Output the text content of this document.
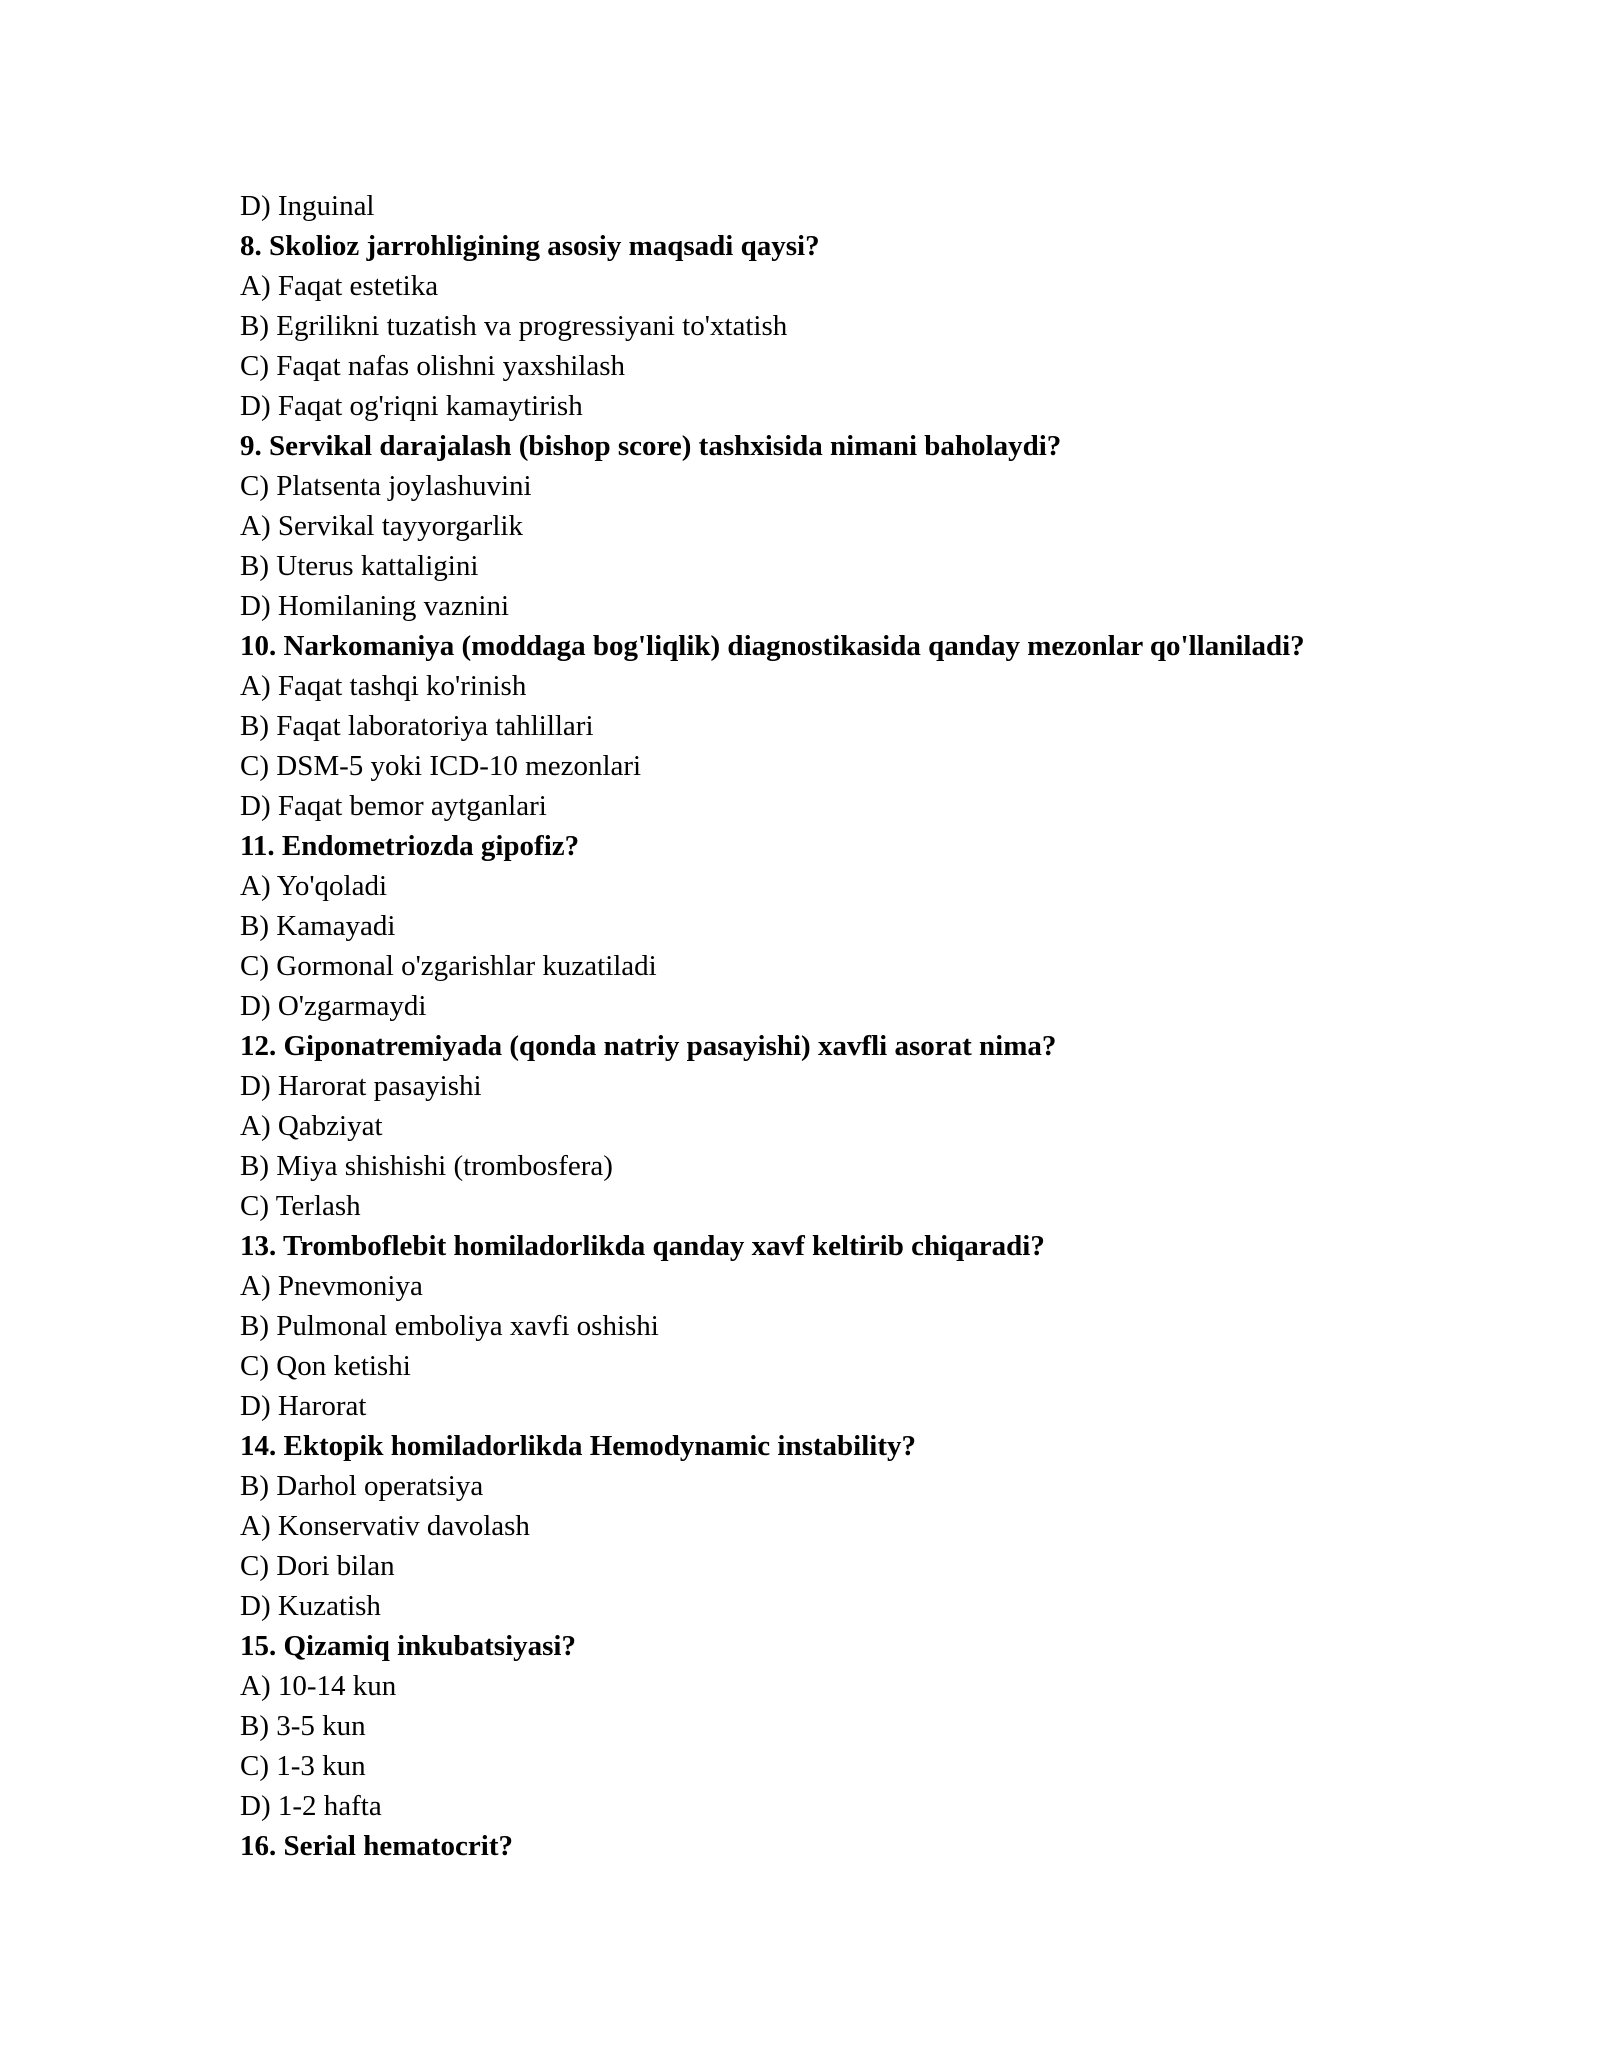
D) Inguinal
8. Skolioz jarrohligining asosiy maqsadi qaysi?
A) Faqat estetika
B) Egrilikni tuzatish va progressiyani to'xtatish
C) Faqat nafas olishni yaxshilash
D) Faqat og'riqni kamaytirish
9. Servikal darajalash (bishop score) tashxisida nimani baholaydi?
C) Platsenta joylashuvini
A) Servikal tayyorgarlik
B) Uterus kattaligini
D) Homilaning vaznini
10. Narkomaniya (moddaga bog'liqlik) diagnostikasida qanday mezonlar qo'llaniladi?
A) Faqat tashqi ko'rinish
B) Faqat laboratoriya tahlillari
C) DSM-5 yoki ICD-10 mezonlari
D) Faqat bemor aytganlari
11. Endometriozda gipofiz?
A) Yo'qoladi
B) Kamayadi
C) Gormonal o'zgarishlar kuzatiladi
D) O'zgarmaydi
12. Giponatremiyada (qonda natriy pasayishi) xavfli asorat nima?
D) Harorat pasayishi
A) Qabziyat
B) Miya shishishi (trombosfera)
C) Terlash
13. Tromboflebit homiladorlikda qanday xavf keltirib chiqaradi?
A) Pnevmoniya
B) Pulmonal emboliya xavfi oshishi
C) Qon ketishi
D) Harorat
14. Ektopik homiladorlikda Hemodynamic instability?
B) Darhol operatsiya
A) Konservativ davolash
C) Dori bilan
D) Kuzatish
15. Qizamiq inkubatsiyasi?
A) 10-14 kun
B) 3-5 kun
C) 1-3 kun
D) 1-2 hafta
16. Serial hematocrit?
